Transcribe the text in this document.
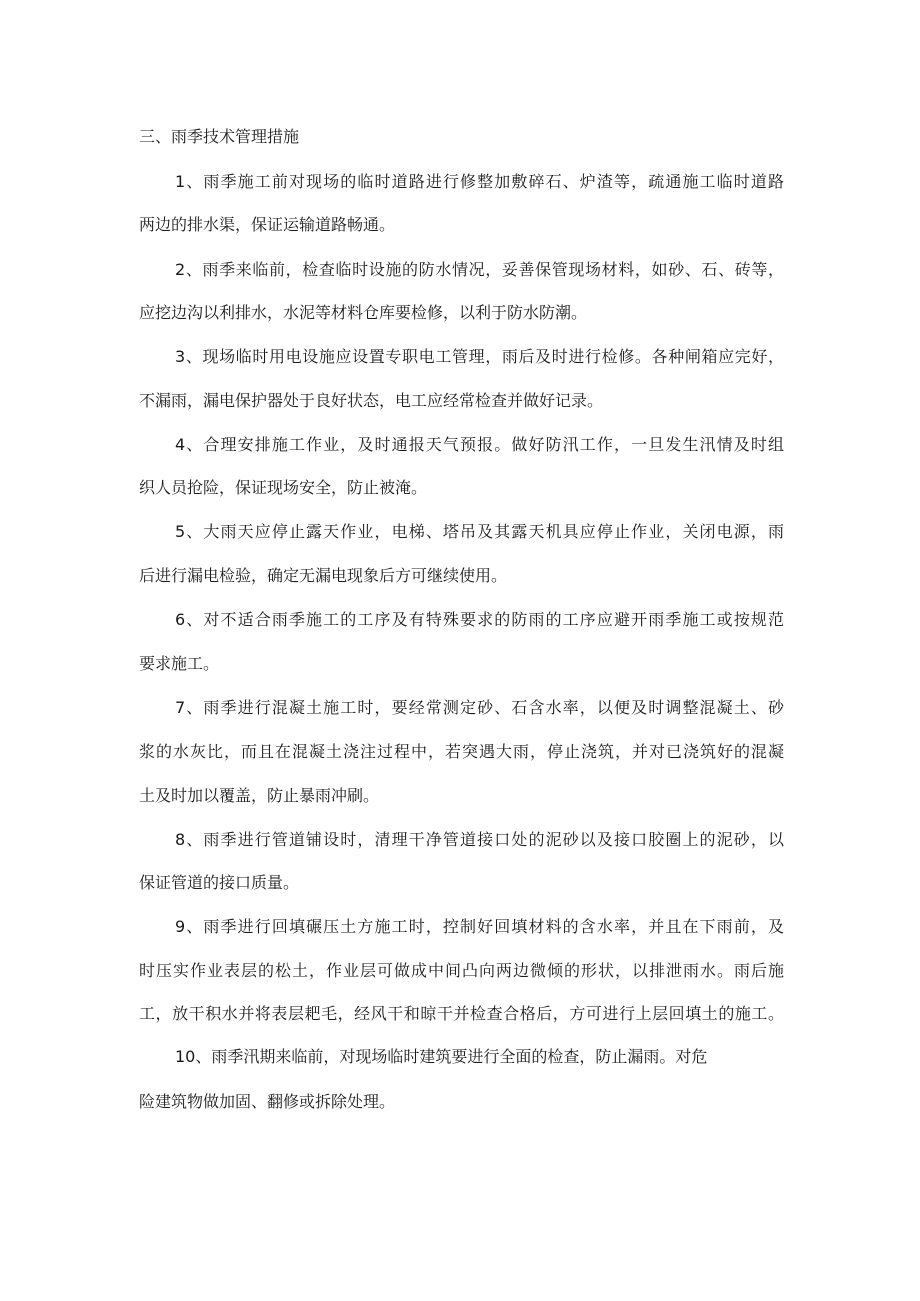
三、雨季技术管理措施
1、雨季施工前对现场的临时道路进行修整加敷碎石、炉渣等，疏通施工临时道路
两边的排水渠，保证运输道路畅通。
2、雨季来临前，检查临时设施的防水情况，妥善保管现场材料，如砂、石、砖等，
应挖边沟以利排水，水泥等材料仓库要检修，以利于防水防潮。
3、现场临时用电设施应设置专职电工管理，雨后及时进行检修。各种闸箱应完好，
不漏雨，漏电保护器处于良好状态，电工应经常检查并做好记录。
4、合理安排施工作业，及时通报天气预报。做好防汛工作，一旦发生汛情及时组
织人员抢险，保证现场安全，防止被淹。
5、大雨天应停止露天作业，电梯、塔吊及其露天机具应停止作业，关闭电源，雨
后进行漏电检验，确定无漏电现象后方可继续使用。
6、对不适合雨季施工的工序及有特殊要求的防雨的工序应避开雨季施工或按规范
要求施工。
7、雨季进行混凝土施工时，要经常测定砂、石含水率，以便及时调整混凝土、砂
浆的水灰比，而且在混凝土浇注过程中，若突遇大雨，停止浇筑，并对已浇筑好的混凝
土及时加以覆盖，防止暴雨冲刷。
8、雨季进行管道铺设时，清理干净管道接口处的泥砂以及接口胶圈上的泥砂，以
保证管道的接口质量。
9、雨季进行回填碾压土方施工时，控制好回填材料的含水率，并且在下雨前，及
时压实作业表层的松土，作业层可做成中间凸向两边微倾的形状，以排泄雨水。雨后施
工，放干积水并将表层耙毛，经风干和晾干并检查合格后，方可进行上层回填土的施工。
10、雨季汛期来临前，对现场临时建筑要进行全面的检查，防止漏雨。对危
险建筑物做加固、翻修或拆除处理。
